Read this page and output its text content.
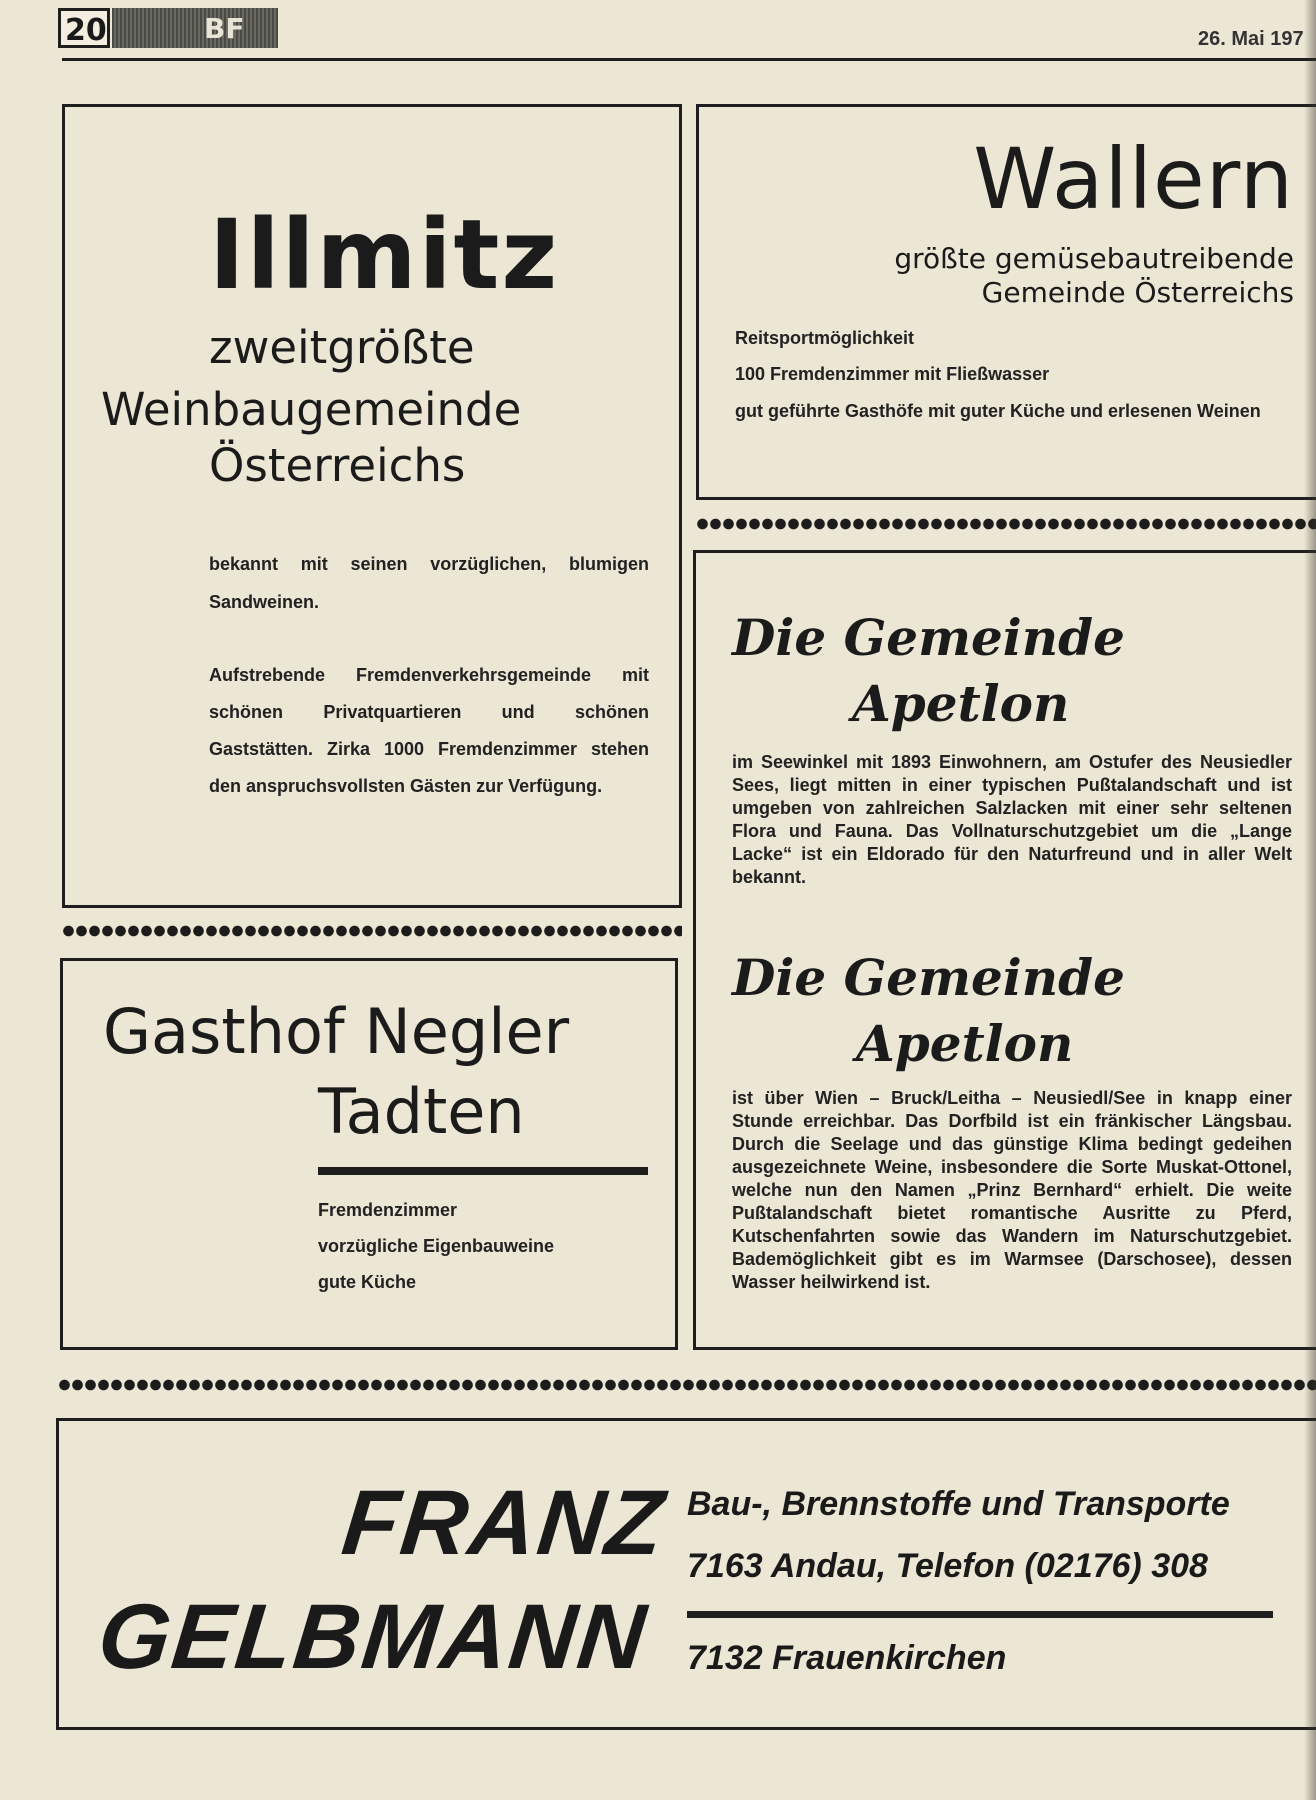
20	BF	26. Mai 197
Illmitz
zweitgrößte
Weinbaugemeinde
Österreichs
bekannt mit seinen vorzüglichen, blumigen Sandweinen.
Aufstrebende Fremdenverkehrsgemeinde mit schönen Privatquartieren und schönen Gaststätten. Zirka 1000 Fremdenzimmer stehen den anspruchsvollsten Gästen zur Verfügung.
Wallern
größte gemüsebautreibende
Gemeinde Österreichs
Reitsportmöglichkeit
100 Fremdenzimmer mit Fließwasser
gut geführte Gasthöfe mit guter Küche und erlesenen Weinen
Die Gemeinde
Apetlon
im Seewinkel mit 1893 Einwohnern, am Ostufer des Neusiedler Sees, liegt mitten in einer typischen Pußtalandschaft und ist umgeben von zahlreichen Salzlacken mit einer sehr seltenen Flora und Fauna. Das Vollnaturschutzgebiet um die „Lange Lacke“ ist ein Eldorado für den Naturfreund und in aller Welt bekannt.
Die Gemeinde
Apetlon
ist über Wien – Bruck/Leitha – Neusiedl/See in knapp einer Stunde erreichbar. Das Dorfbild ist ein fränkischer Längsbau. Durch die Seelage und das günstige Klima bedingt gedeihen ausgezeichnete Weine, insbesondere die Sorte Muskat-Ottonel, welche nun den Namen „Prinz Bernhard“ erhielt. Die weite Pußtalandschaft bietet romantische Ausritte zu Pferd, Kutschenfahrten sowie das Wandern im Naturschutzgebiet. Bademöglichkeit gibt es im Warmsee (Darschosee), dessen Wasser heilwirkend ist.
Gasthof Negler
Tadten
Fremdenzimmer
vorzügliche Eigenbauweine
gute Küche
FRANZ
GELBMANN
Bau-, Brennstoffe und Transporte
7163 Andau, Telefon (02176) 308
7132 Frauenkirchen
